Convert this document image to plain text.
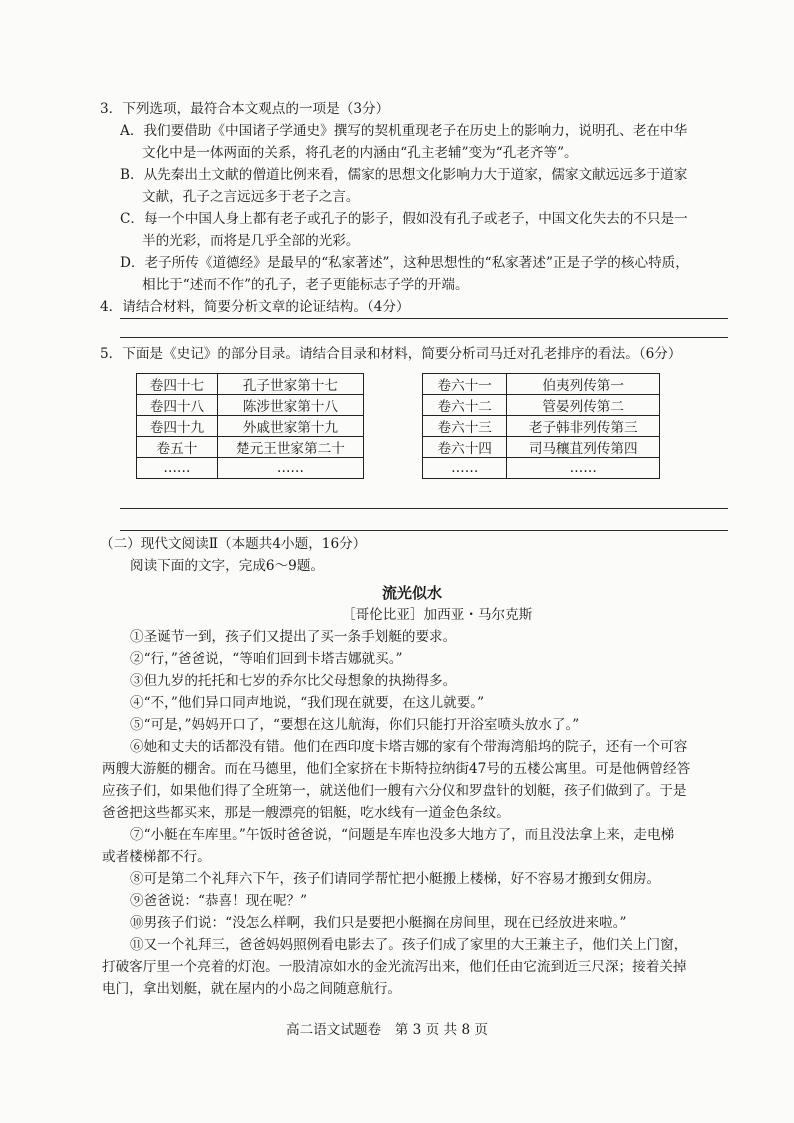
3．下列选项，最符合本文观点的一项是（3分）
A．我们要借助《中国诸子学通史》撰写的契机重现老子在历史上的影响力，说明孔、老在中华
文化中是一体两面的关系，将孔老的内涵由“孔主老辅”变为“孔老齐等”。
B．从先秦出土文献的僧道比例来看，儒家的思想文化影响力大于道家，儒家文献远远多于道家
文献，孔子之言远远多于老子之言。
C．每一个中国人身上都有老子或孔子的影子，假如没有孔子或老子，中国文化失去的不只是一
半的光彩，而将是几乎全部的光彩。
D．老子所传《道德经》是最早的“私家著述”，这种思想性的“私家著述”正是子学的核心特质，
相比于“述而不作”的孔子，老子更能标志子学的开端。
4．请结合材料，简要分析文章的论证结构。（4分）
5．下面是《史记》的部分目录。请结合目录和材料，简要分析司马迁对孔老排序的看法。（6分）
卷四十七	孔子世家第十七
卷四十八	陈涉世家第十八
卷四十九	外戚世家第十九
卷五十	楚元王世家第二十
……	……
卷六十一	伯夷列传第一
卷六十二	管晏列传第二
卷六十三	老子韩非列传第三
卷六十四	司马穰苴列传第四
……	……
（二）现代文阅读Ⅱ（本题共4小题，16分）
阅读下面的文字，完成6～9题。
流光似水
［哥伦比亚］加西亚・马尔克斯
①圣诞节一到，孩子们又提出了买一条手划艇的要求。
②“行，”爸爸说，“等咱们回到卡塔吉娜就买。”
③但九岁的托托和七岁的乔尔比父母想象的执拗得多。
④“不，”他们异口同声地说，“我们现在就要，在这儿就要。”
⑤“可是，”妈妈开口了，“要想在这儿航海，你们只能打开浴室喷头放水了。”
⑥她和丈夫的话都没有错。他们在西印度卡塔吉娜的家有个带海湾船坞的院子，还有一个可容
两艘大游艇的棚舍。而在马德里，他们全家挤在卡斯特拉纳街47号的五楼公寓里。可是他俩曾经答
应孩子们，如果他们得了全班第一，就送他们一艘有六分仪和罗盘针的划艇，孩子们做到了。于是
爸爸把这些都买来，那是一艘漂亮的铝艇，吃水线有一道金色条纹。
⑦“小艇在车库里。”午饭时爸爸说，“问题是车库也没多大地方了，而且没法拿上来，走电梯
或者楼梯都不行。
⑧可是第二个礼拜六下午，孩子们请同学帮忙把小艇搬上楼梯，好不容易才搬到女佣房。
⑨爸爸说：“恭喜！现在呢？”
⑩男孩子们说：“没怎么样啊，我们只是要把小艇搁在房间里，现在已经放进来啦。”
⑪又一个礼拜三，爸爸妈妈照例看电影去了。孩子们成了家里的大王兼主子，他们关上门窗，
打破客厅里一个亮着的灯泡。一股清凉如水的金光流泻出来，他们任由它流到近三尺深；接着关掉
电门，拿出划艇，就在屋内的小岛之间随意航行。
高二语文试题卷　第 3 页 共 8 页
